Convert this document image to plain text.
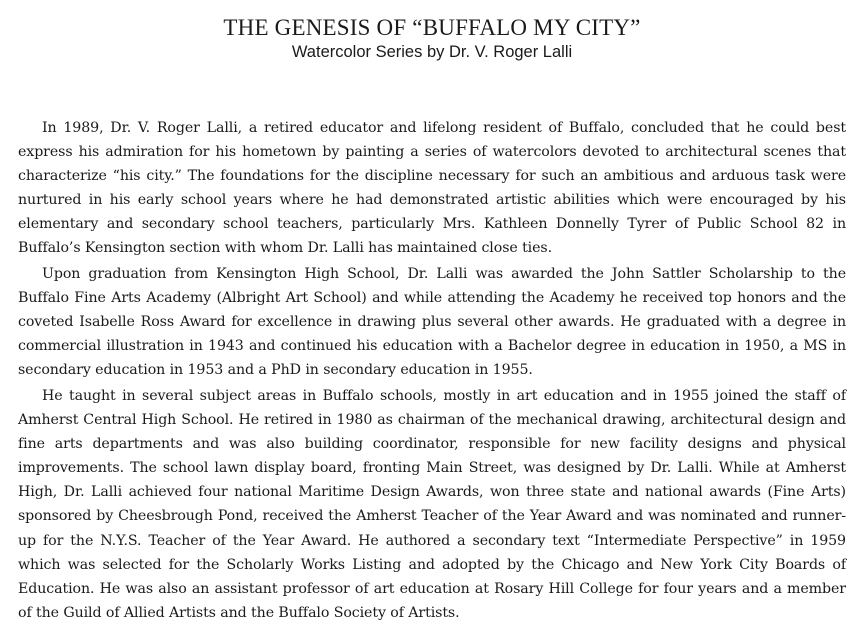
THE GENESIS OF “BUFFALO MY CITY”
Watercolor Series by Dr. V. Roger Lalli

In 1989, Dr. V. Roger Lalli, a retired educator and lifelong resident of Buffalo, concluded that he could best express his admiration for his hometown by painting a series of watercolors devoted to architectural scenes that characterize “his city.” The foundations for the discipline necessary for such an ambitious and arduous task were nurtured in his early school years where he had demonstrated artistic abilities which were encouraged by his elementary and secondary school teachers, particularly Mrs. Kathleen Donnelly Tyrer of Public School 82 in Buffalo’s Kensington section with whom Dr. Lalli has maintained close ties.

Upon graduation from Kensington High School, Dr. Lalli was awarded the John Sattler Scholarship to the Buffalo Fine Arts Academy (Albright Art School) and while attending the Academy he received top honors and the coveted Isabelle Ross Award for excellence in drawing plus several other awards. He graduated with a degree in commercial illustration in 1943 and continued his education with a Bachelor degree in education in 1950, a MS in secondary education in 1953 and a PhD in secondary education in 1955.

He taught in several subject areas in Buffalo schools, mostly in art education and in 1955 joined the staff of Amherst Central High School. He retired in 1980 as chairman of the mechanical drawing, architectural design and fine arts departments and was also building coordinator, responsible for new facility designs and physical improvements. The school lawn display board, fronting Main Street, was designed by Dr. Lalli. While at Amherst High, Dr. Lalli achieved four national Maritime Design Awards, won three state and national awards (Fine Arts) sponsored by Cheesbrough Pond, received the Amherst Teacher of the Year Award and was nominated and runner-up for the N.Y.S. Teacher of the Year Award. He authored a secondary text “Intermediate Perspective” in 1959 which was selected for the Scholarly Works Listing and adopted by the Chicago and New York City Boards of Education. He was also an assistant professor of art education at Rosary Hill College for four years and a member of the Guild of Allied Artists and the Buffalo Society of Artists.
